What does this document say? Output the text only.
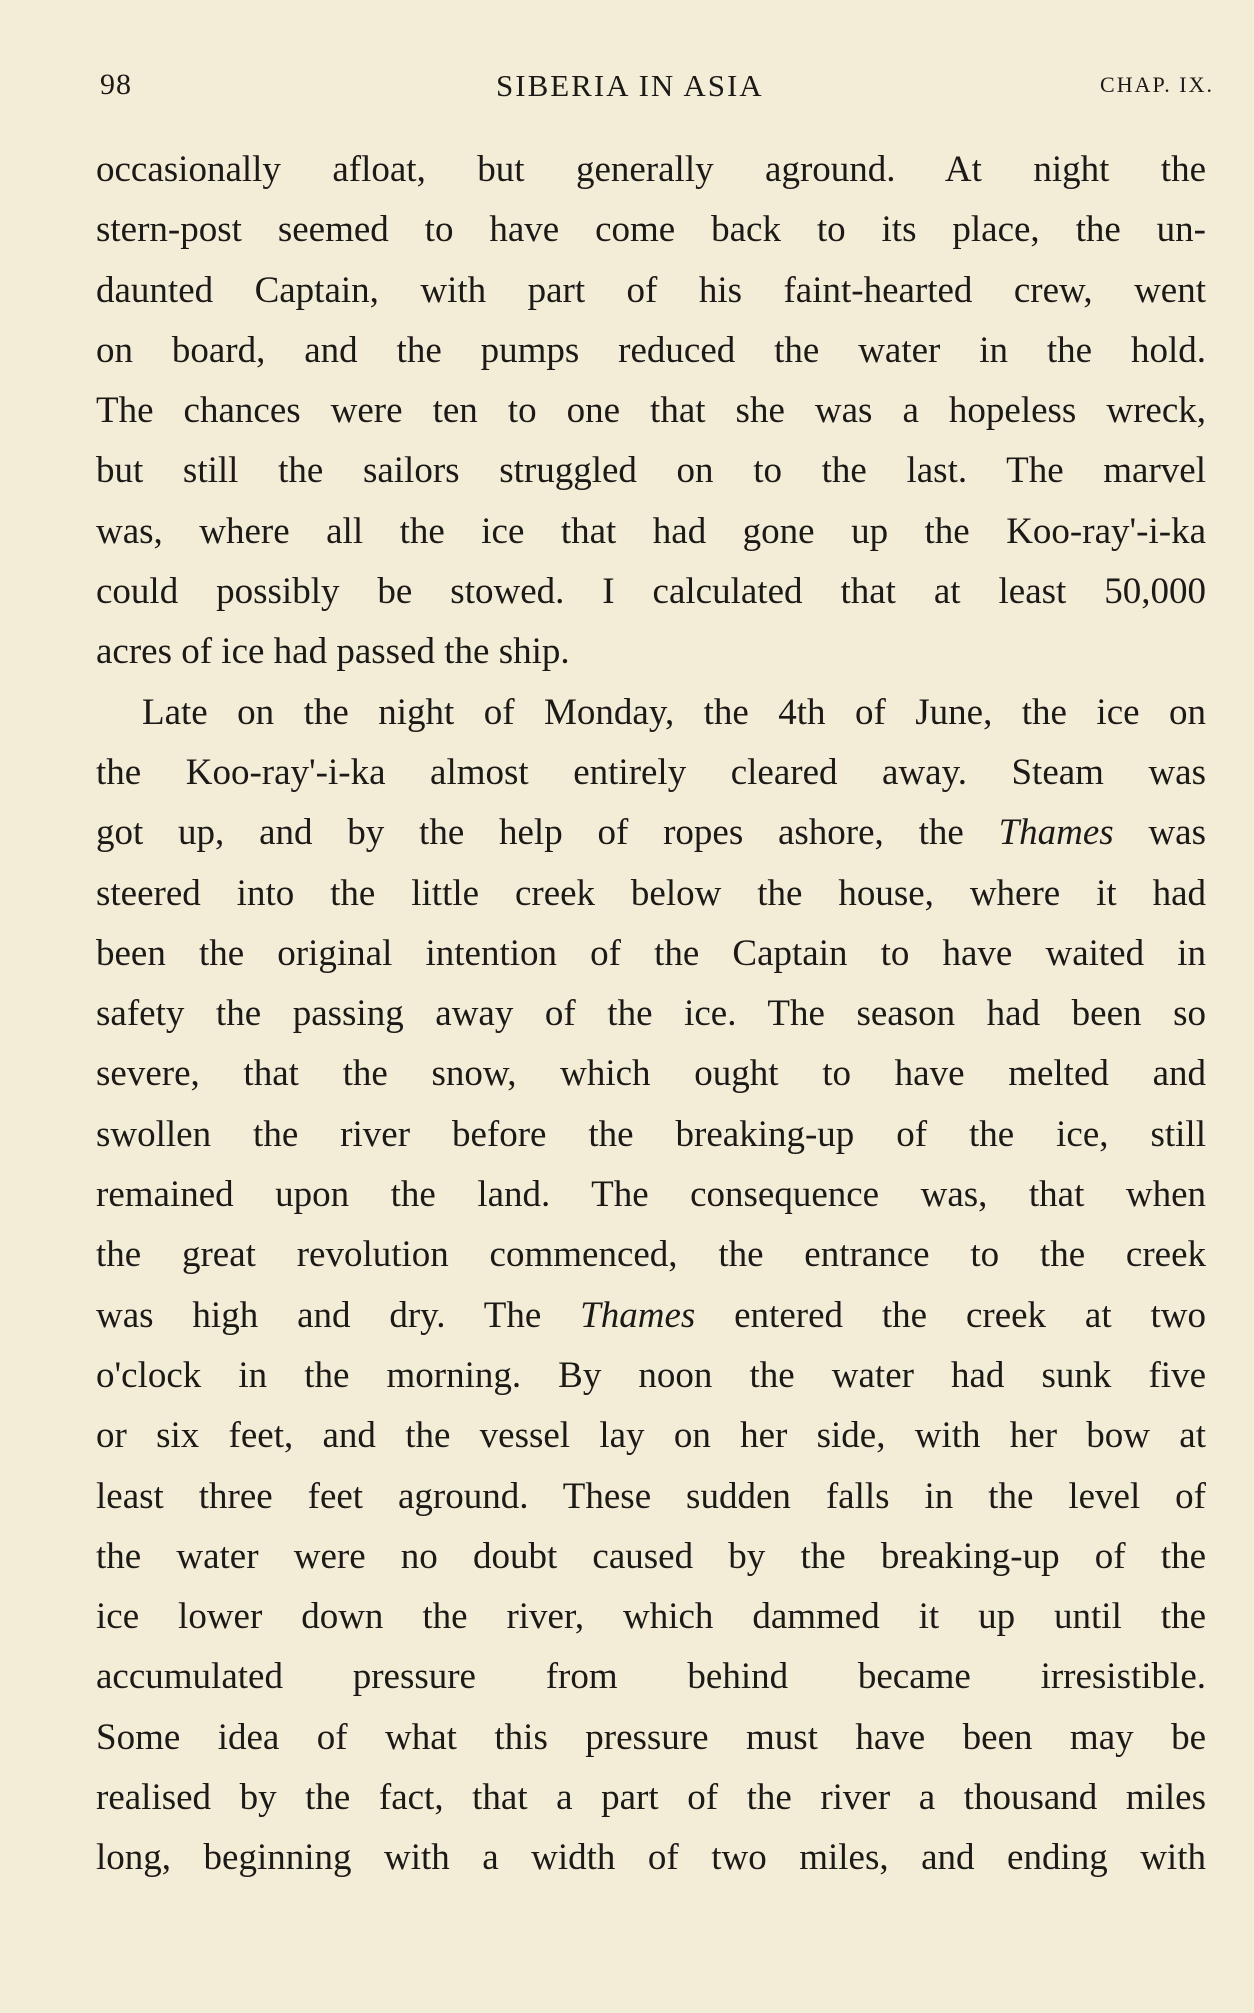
98	SIBERIA IN ASIA	CHAP. IX.
occasionally afloat, but generally aground. At night the
stern-post seemed to have come back to its place, the un-
daunted Captain, with part of his faint-hearted crew, went
on board, and the pumps reduced the water in the hold.
The chances were ten to one that she was a hopeless wreck,
but still the sailors struggled on to the last. The marvel
was, where all the ice that had gone up the Koo-ray'-i-ka
could possibly be stowed. I calculated that at least 50,000
acres of ice had passed the ship.
Late on the night of Monday, the 4th of June, the ice on
the Koo-ray'-i-ka almost entirely cleared away. Steam was
got up, and by the help of ropes ashore, the Thames was
steered into the little creek below the house, where it had
been the original intention of the Captain to have waited in
safety the passing away of the ice. The season had been so
severe, that the snow, which ought to have melted and
swollen the river before the breaking-up of the ice, still
remained upon the land. The consequence was, that when
the great revolution commenced, the entrance to the creek
was high and dry. The Thames entered the creek at two
o'clock in the morning. By noon the water had sunk five
or six feet, and the vessel lay on her side, with her bow at
least three feet aground. These sudden falls in the level of
the water were no doubt caused by the breaking-up of the
ice lower down the river, which dammed it up until the
accumulated pressure from behind became irresistible.
Some idea of what this pressure must have been may be
realised by the fact, that a part of the river a thousand miles
long, beginning with a width of two miles, and ending with
